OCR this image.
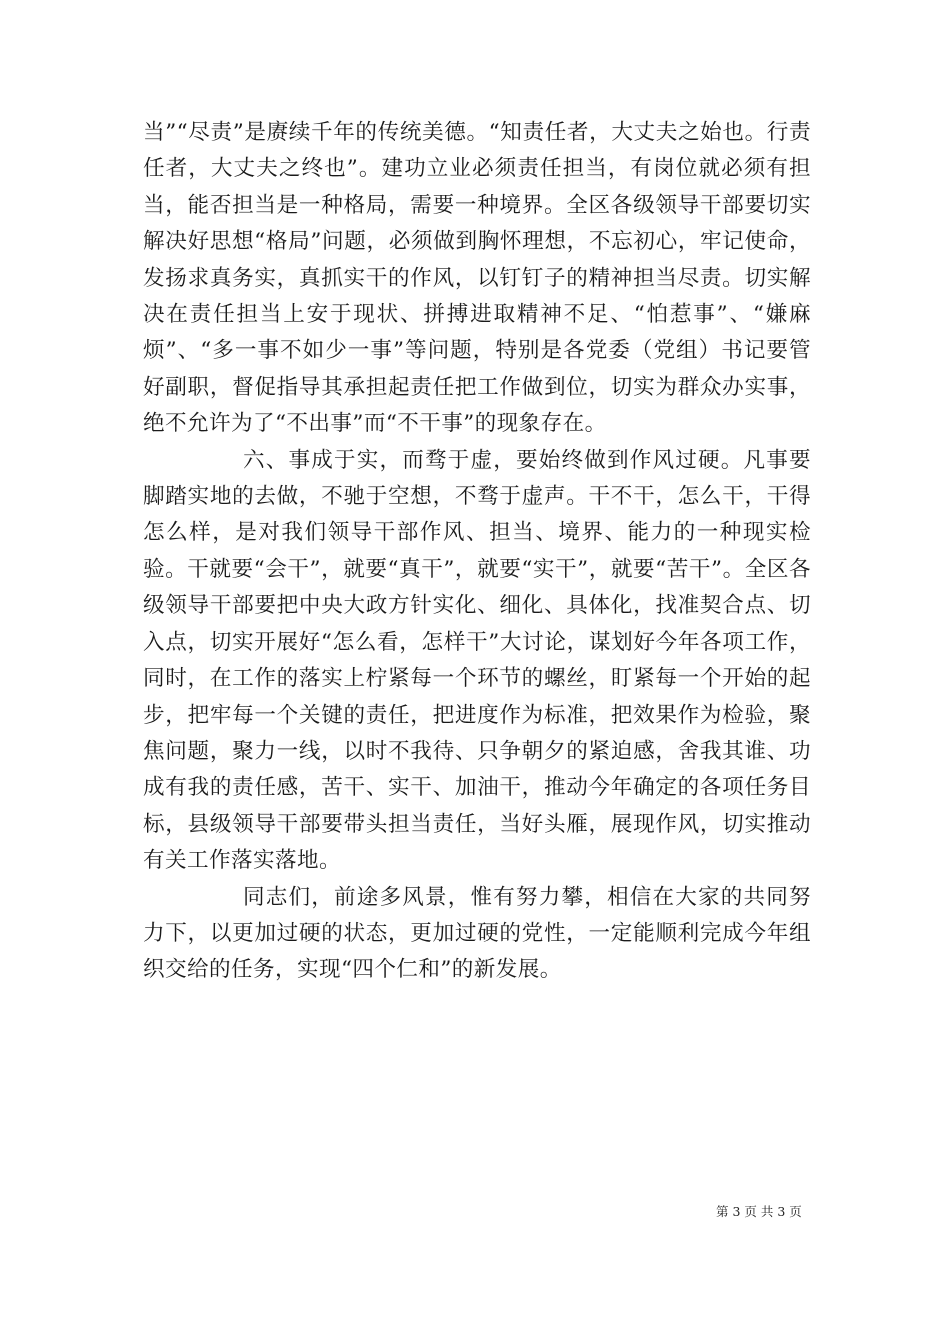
当”“尽责”是赓续千年的传统美德。“知责任者，大丈夫之始也。行责任者，大丈夫之终也”。建功立业必须责任担当，有岗位就必须有担当，能否担当是一种格局，需要一种境界。全区各级领导干部要切实解决好思想“格局”问题，必须做到胸怀理想，不忘初心，牢记使命，发扬求真务实，真抓实干的作风，以钉钉子的精神担当尽责。切实解决在责任担当上安于现状、拼搏进取精神不足、“怕惹事”、“嫌麻烦”、“多一事不如少一事”等问题，特别是各党委（党组）书记要管好副职，督促指导其承担起责任把工作做到位，切实为群众办实事，绝不允许为了“不出事”而“不干事”的现象存在。

六、事成于实，而骛于虚，要始终做到作风过硬。凡事要脚踏实地的去做，不驰于空想，不骛于虚声。干不干，怎么干，干得怎么样，是对我们领导干部作风、担当、境界、能力的一种现实检验。干就要“会干”，就要“真干”，就要“实干”，就要“苦干”。全区各级领导干部要把中央大政方针实化、细化、具体化，找准契合点、切入点，切实开展好“怎么看，怎样干”大讨论，谋划好今年各项工作，同时，在工作的落实上柠紧每一个环节的螺丝，盯紧每一个开始的起步，把牢每一个关键的责任，把进度作为标准，把效果作为检验，聚焦问题，聚力一线，以时不我待、只争朝夕的紧迫感，舍我其谁、功成有我的责任感，苦干、实干、加油干，推动今年确定的各项任务目标，县级领导干部要带头担当责任，当好头雁，展现作风，切实推动有关工作落实落地。

同志们，前途多风景，惟有努力攀，相信在大家的共同努力下，以更加过硬的状态，更加过硬的党性，一定能顺利完成今年组织交给的任务，实现“四个仁和”的新发展。

第 3 页 共 3 页
